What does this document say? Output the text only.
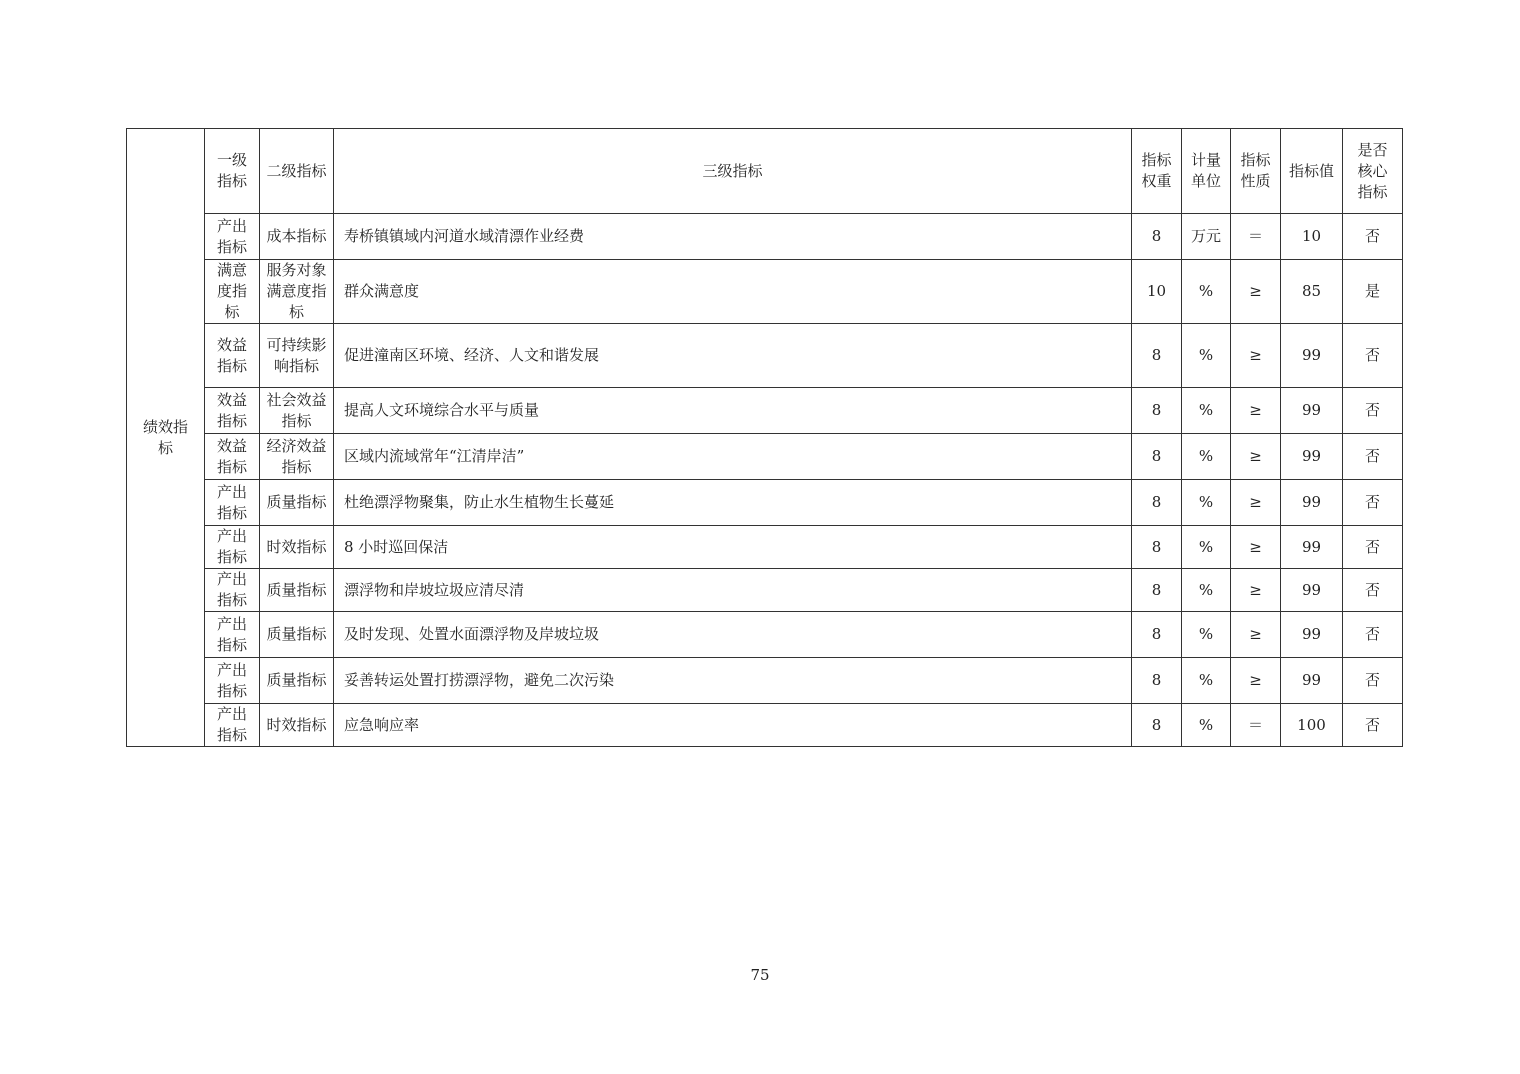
绩效指标	一级指标	二级指标	三级指标	指标权重	计量单位	指标性质	指标值	是否核心指标
	产出指标	成本指标	寿桥镇镇域内河道水域清漂作业经费	8	万元	＝	10	否
	满意度指标	服务对象满意度指标	群众满意度	10	%	≥	85	是
	效益指标	可持续影响指标	促进潼南区环境、经济、人文和谐发展	8	%	≥	99	否
	效益指标	社会效益指标	提高人文环境综合水平与质量	8	%	≥	99	否
	效益指标	经济效益指标	区域内流域常年“江清岸洁”	8	%	≥	99	否
	产出指标	质量指标	杜绝漂浮物聚集，防止水生植物生长蔓延	8	%	≥	99	否
	产出指标	时效指标	8 小时巡回保洁	8	%	≥	99	否
	产出指标	质量指标	漂浮物和岸坡垃圾应清尽清	8	%	≥	99	否
	产出指标	质量指标	及时发现、处置水面漂浮物及岸坡垃圾	8	%	≥	99	否
	产出指标	质量指标	妥善转运处置打捞漂浮物，避免二次污染	8	%	≥	99	否
	产出指标	时效指标	应急响应率	8	%	＝	100	否
75
